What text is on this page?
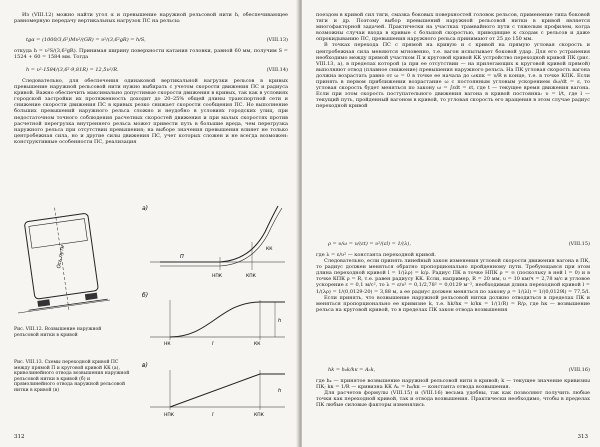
Из (VIII.12) можно найти угол α и превышение наружной рельсовой нити h, обеспечивающее равномерную передачу вертикальных нагрузок ПС на рельсы:

tgα = (1000/3,6²)Mυ²/(GR) = υ²/(3,6²gR) = h/S,	(VIII.13)

откуда h = υ²S/(3,6²gR). Принимая ширину поверхности катания головки, равной 60 мм, получим S = 1524 + 60 = 1584 мм. Тогда

h = υ²·1584/(3,6²·9,81R) = 12,5υ²/R.	(VIII.14)

Следовательно, для обеспечения одинаковой вертикальной нагрузки рельсов в кривых превышение наружной рельсовой нити нужно выбирать с учетом скорости движения ПС и радиуса кривой. Важно обеспечить максимально допустимые скорости движения в кривых, так как в условиях городской застройки их протяженность доходит до 20–25% общей длины транспортной сети и снижение скорости движения ПС в кривых резко снижает скорости сообщения ПС. Но выполнение больших превышений наружного рельса сложно и неудобно в условиях городских улиц, при недостаточном точного соблюдения расчетных скоростей движения и при малых скоростях против расчетной перегрузка внутреннего рельса может привести путь в большие вреда, чем перегрузка наружного рельса при отсутствии превышения; на выборе значения превышения влияет не только центробежная сила, но и другие силы движения ПС, учет которых сложен и не всегда возможен: конструктивные особенности ПС, реализация

Ось пути
Рис. VIII.12. Возвышение наружной рельсовой нитки в кривой
а)
НПК	КПК
П
КК
б)
h
НК	КК
l
в)
НПК	КПК
l
h
Рис. VIII.13. Схемы переходной кривой ПС между прямой П и круговой кривой КК (а), криволинейного отвода возвышения наружной рельсовой нитки в кривой (б) и прямолинейного отвода наружной рельсовой нитки в кривой (в)
312

поездом в кривой сил тяги, смазка боковых поверхностей головок рельсов, применение типа боковой тяги и др. Поэтому выбор превышений наружной рельсовой нитки в кривой является многофакторной задачей. Практически на участках трамвайного пути с тяжелым профилем, когда возможны случаи входа в кривые с большой скоростью, приводящие к сходам с рельсов и даже опрокидыванию ПС, превышения наружного рельса принимают от 25 до 150 мм.

В точках перехода ПС с прямой на кривую и с кривой на прямую угловая скорость и центробежная сила меняются мгновенно, т.е. вагон испытывает боковой удар. Для его устранения необходимо между прямой участком П и круговой кривой КК устройство переходной кривой ПК (рис. VIII.13, а), в пределах которой (а при ее отсутствии — на прилегающих к круговой кривой прямой) выполняют отвод (плавное снижение) превышения наружного рельса. На ПК угловая скорость вагона должна возрастать равно от ω = 0 в точке ее начала до ωкпк = υ/R в конце, т.е. в точке КПК. Если принять в первом приближении возрастание ω с постоянным угловым ускорением dω/dt = ε, то угловая скорость будет меняться по закону ω = ∫εdt = εt, где t — текущее время движения вагона. Если при этом скорость поступательного движения вагона в кривой постоянна: υ = l/t, где l — текущий путь, пройденный вагоном в кривой, то угловая скорость его вращения в этом случае радиус переходной кривой

ρ = υ/ω = υ/(εt) = υ²/(εl) = 1/(λ),	(VIII.15)

где λ = ε/υ² — константа переходной кривой.

Следовательно, если принять линейный закон изменения угловой скорости движения вагона в ПК, то радиус должен меняться обратно пропорционально пройденному пути. Требующаяся при этом длина переходной кривой l = 1/(λρ) = k/ρ. Радиус ПК в точке НПК ρ = ∞ (поскольку в ней l = 0) и в точке КПК ρ = R, т.е. равен радиусу КК. Если, например, R = 20 мм, υ = 10 км/ч = 2,78 м/с и угловое ускорение ε = 0,1 м/с², то λ = ε/υ² = 0,1/2,78² = 0,0129 м⁻², необходимая длина переходной кривой l = 1/(λρ) = 1/(0,0129·20) = 3,88 м, а ее радиус должен меняться по закону ρ = 1/(λl) = 1/(0,0129l) = 77,5/l.

Если принять, что возвышение наружной рельсовой нитки должно отводиться в пределах ПК и меняться пропорционально ее кривизне k, т.е. hk/hк = k/kк = 1/(1/R) = R/ρ, где hк — возвышение рельса на круговой кривой, то в пределах ПК закон отвода возвышения

hk = h₀k/kк = Aₙk,	(VIII.16)

где hₖ — принятое возвышение наружной рельсовой нити в кривой; k — текущее значение кривизны ПК; kк = 1/R — кривизна КК Aₙ = h₀/kк — константа отвода возвышения.

Для расчетов формулы (VIII.15) и (VIII.16) весьма удобны, так как позволяют получить любые точки как переходной кривой, так и отвода возвышения. Практически необходимо, чтобы в пределах ПК любые силовые факторы изменялись

313
